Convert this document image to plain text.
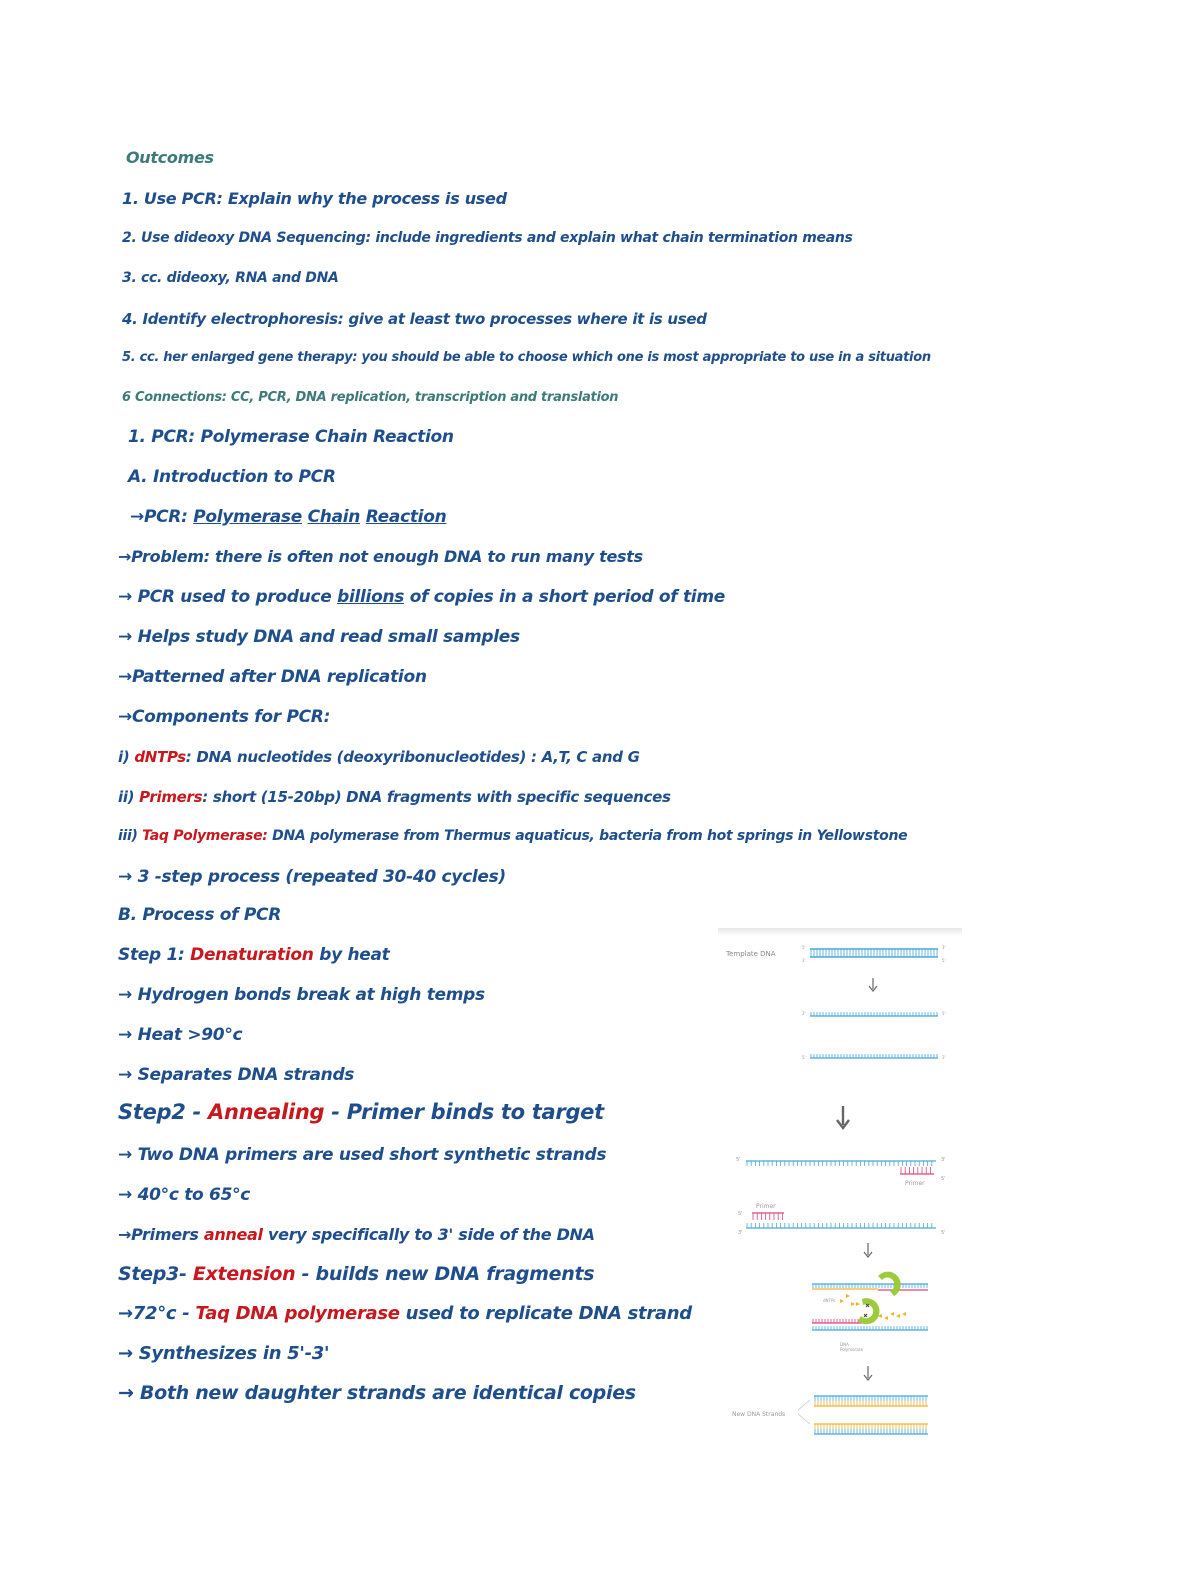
Outcomes
1. Use PCR: Explain why the process is used
2. Use dideoxy DNA Sequencing: include ingredients and explain what chain termination means
3. cc. dideoxy, RNA and DNA
4. Identify electrophoresis: give at least two processes where it is used
5. cc. her enlarged gene therapy: you should be able to choose which one is most appropriate to use in a situation
6 Connections: CC, PCR, DNA replication, transcription and translation
1. PCR: Polymerase Chain Reaction
A. Introduction to PCR
→PCR: Polymerase Chain Reaction
→Problem: there is often not enough DNA to run many tests
→ PCR used to produce billions of copies in a short period of time
→ Helps study DNA and read small samples
→Patterned after DNA replication
→Components for PCR:
i) dNTPs: DNA nucleotides (deoxyribonucleotides) : A,T, C and G
ii) Primers: short (15-20bp) DNA fragments with specific sequences
iii) Taq Polymerase: DNA polymerase from Thermus aquaticus, bacteria from hot springs in Yellowstone
→ 3 -step process (repeated 30-40 cycles)
B. Process of PCR
Step 1: Denaturation by heat
→ Hydrogen bonds break at high temps
→ Heat >90°c
→ Separates DNA strands
Step2 - Annealing - Primer binds to target
→ Two DNA primers are used short synthetic strands
→ 40°c to 65°c
→Primers anneal very specifically to 3' side of the DNA
Step3- Extension - builds new DNA fragments
→72°c - Taq DNA polymerase used to replicate DNA strand
→ Synthesizes in 5'-3'
→ Both new daughter strands are identical copies
Template DNA
5'	3'
3'	5'
3'	5'
5'	3'
Primer
5'	3'
5'
Primer
5'
3'	5'
dNTPs
DNA
Polymerase
New DNA Strands
